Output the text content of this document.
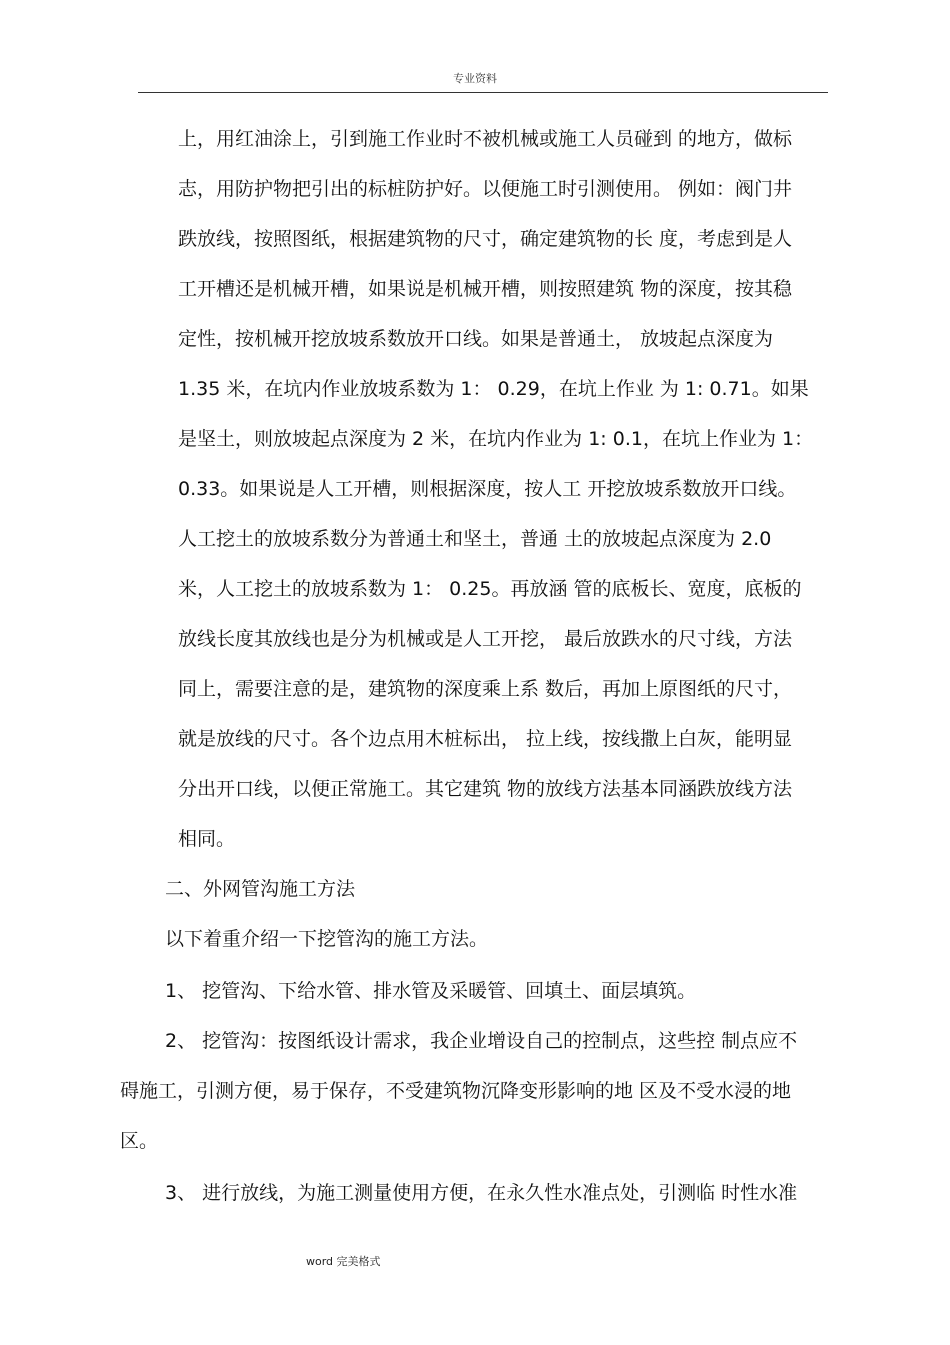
专业资料
上，用红油涂上，引到施工作业时不被机械或施工人员碰到 的地方，做标
志，用防护物把引出的标桩防护好。以便施工时引测使用。 例如：阀门井
跌放线，按照图纸，根据建筑物的尺寸，确定建筑物的长 度，考虑到是人
工开槽还是机械开槽，如果说是机械开槽，则按照建筑 物的深度，按其稳
定性，按机械开挖放坡系数放开口线。如果是普通土， 放坡起点深度为
1.35 米，在坑内作业放坡系数为 1： 0.29，在坑上作业 为 1: 0.71。如果
是坚土，则放坡起点深度为 2 米，在坑内作业为 1: 0.1，在坑上作业为 1：
0.33。如果说是人工开槽，则根据深度，按人工 开挖放坡系数放开口线。
人工挖土的放坡系数分为普通土和坚土，普通 土的放坡起点深度为 2.0
米，人工挖土的放坡系数为 1： 0.25。再放涵 管的底板长、宽度，底板的
放线长度其放线也是分为机械或是人工开挖， 最后放跌水的尺寸线，方法
同上，需要注意的是，建筑物的深度乘上系 数后，再加上原图纸的尺寸，
就是放线的尺寸。各个边点用木桩标出， 拉上线，按线撒上白灰，能明显
分出开口线，以便正常施工。其它建筑 物的放线方法基本同涵跌放线方法
相同。
二、外网管沟施工方法
以下着重介绍一下挖管沟的施工方法。
1、 挖管沟、下给水管、排水管及采暖管、回填土、面层填筑。
2、 挖管沟：按图纸设计需求，我企业增设自己的控制点，这些控 制点应不
碍施工，引测方便，易于保存，不受建筑物沉降变形影响的地 区及不受水浸的地
区。
3、 进行放线，为施工测量使用方便，在永久性水准点处，引测临 时性水准
word 完美格式
